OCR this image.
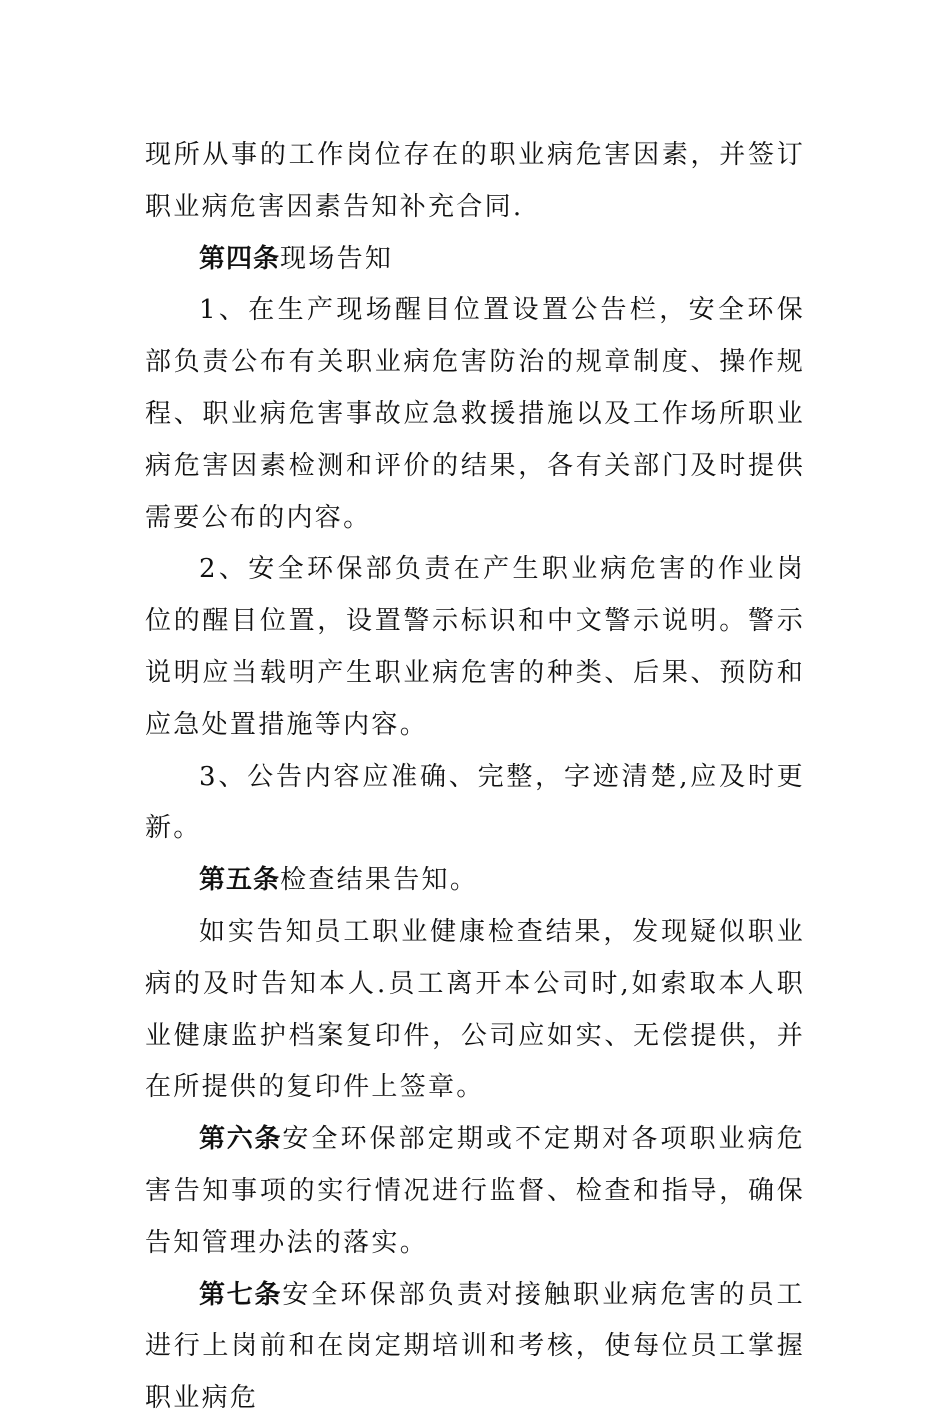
现所从事的工作岗位存在的职业病危害因素，并签订职业病危害因素告知补充合同.

第四条现场告知

1、在生产现场醒目位置设置公告栏，安全环保部负责公布有关职业病危害防治的规章制度、操作规程、职业病危害事故应急救援措施以及工作场所职业病危害因素检测和评价的结果，各有关部门及时提供需要公布的内容。

2、安全环保部负责在产生职业病危害的作业岗位的醒目位置，设置警示标识和中文警示说明。警示说明应当载明产生职业病危害的种类、后果、预防和应急处置措施等内容。

3、公告内容应准确、完整，字迹清楚,应及时更新。

第五条检查结果告知。

如实告知员工职业健康检查结果，发现疑似职业病的及时告知本人.员工离开本公司时,如索取本人职业健康监护档案复印件，公司应如实、无偿提供，并在所提供的复印件上签章。

第六条安全环保部定期或不定期对各项职业病危害告知事项的实行情况进行监督、检查和指导，确保告知管理办法的落实。

第七条安全环保部负责对接触职业病危害的员工进行上岗前和在岗定期培训和考核，使每位员工掌握职业病危
